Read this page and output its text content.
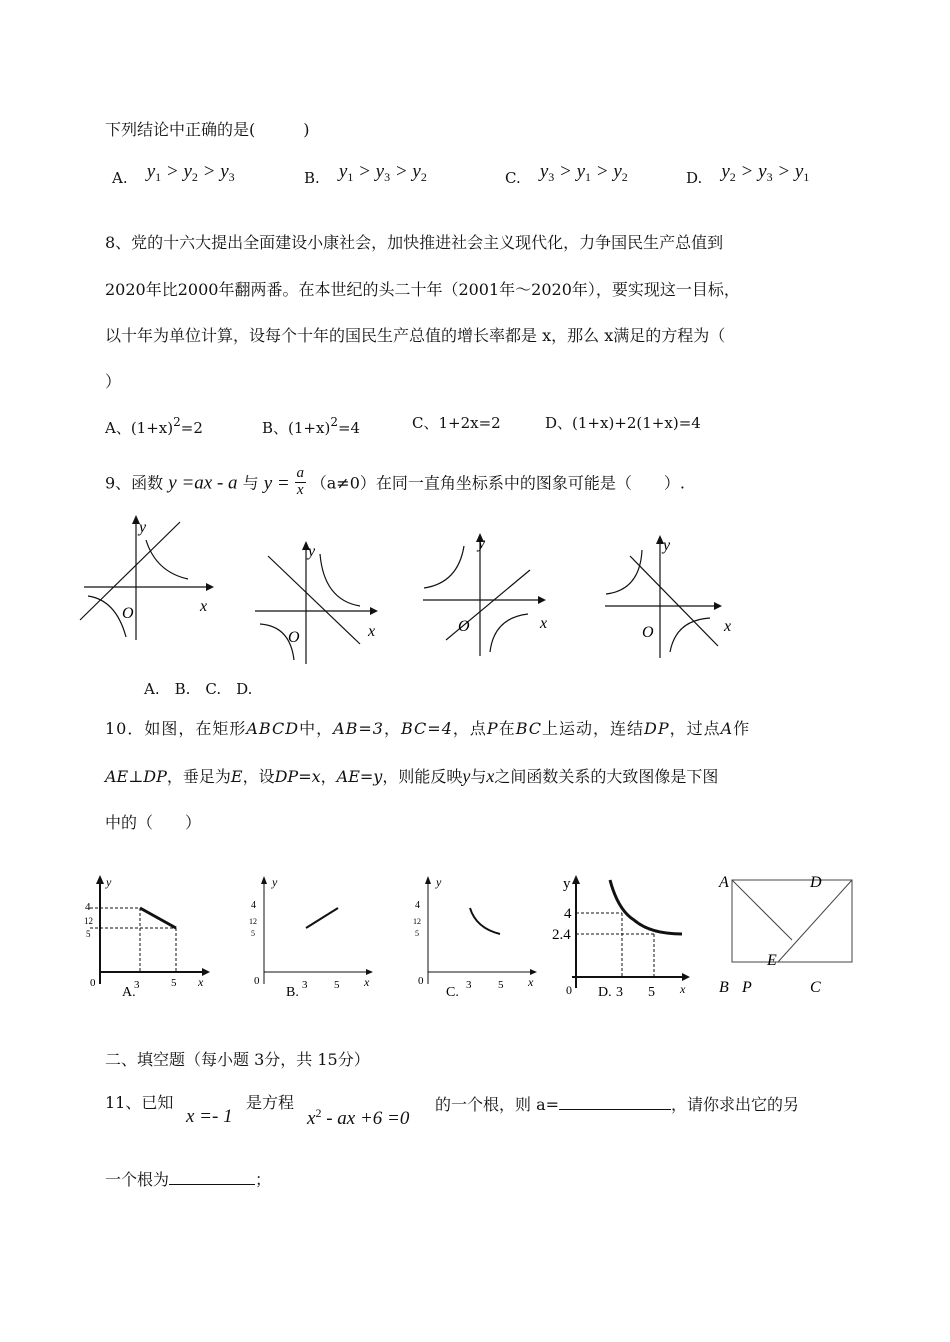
下列结论中正确的是(　　　)
A. $y_1 > y_2 > y_3$	B. $y_1 > y_3 > y_2$	C. $y_3 > y_1 > y_2$	D. $y_2 > y_3 > y_1$
8、党的十六大提出全面建设小康社会，加快推进社会主义现代化，力争国民生产总值到
2020年比2000年翻两番。在本世纪的头二十年（2001年～2020年），要实现这一目标，
以十年为单位计算，设每个十年的国民生产总值的增长率都是 x，那么 x满足的方程为（
）
A、$(1+x)^2=2$	B、$(1+x)^2=4$	C、1+2x=2	D、(1+x)+2(1+x)=4
9、函数 y =ax - a 与 $y = \frac{a}{x} (a\ne 0)$在同一直角坐标系中的图象可能是（　　）.
y
x
O
y
x
O
y
x
O
y
x
O
A.　B.　C.　D.
10．如图，在矩形ABCD中，AB=3，BC=4，点P在BC上运动，连结DP，过点A作
AE⊥DP，垂足为E，设DP=x，AE=y，则能反映y与x之间函数关系的大致图像是下图
中的（　　）
y
4
12
5
0	3	5 x
A.
y
4
12
5
0	3 5 x
B.
y
4
12
5
0	3 5 x
C.
y
4
2.4
0 D. 3 5 x
A	D
E
B P	C
二、填空题（每小题 3分，共 15分）
11、已知
x =- 1
是方程
$x^2$ - ax +6 =0
的一个根，则 a=	，请你求出它的另
一个根为	；
